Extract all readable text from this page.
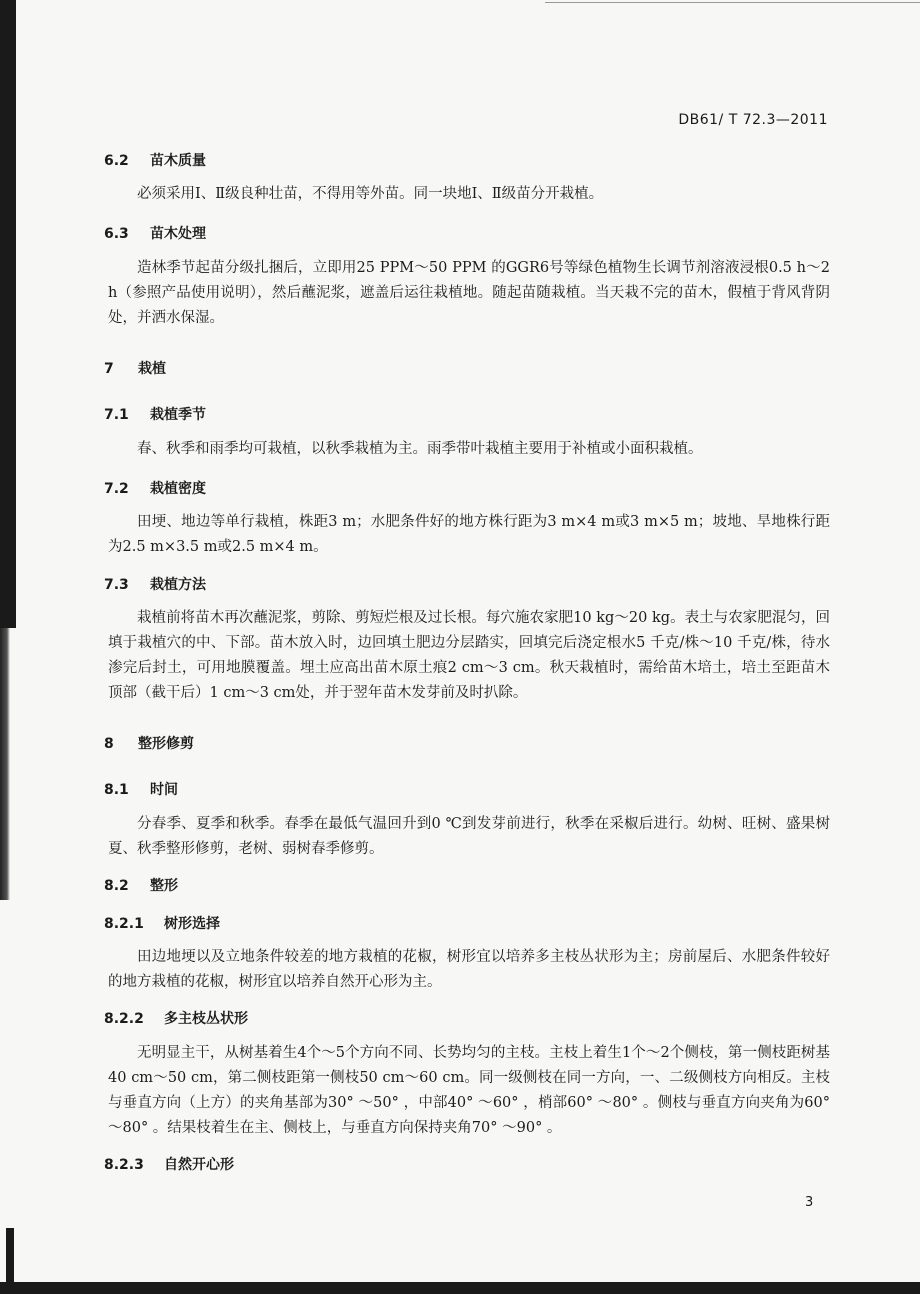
DB61/ T 72.3—2011
6.2 苗木质量
必须采用Ⅰ、Ⅱ级良种壮苗，不得用等外苗。同一块地Ⅰ、Ⅱ级苗分开栽植。
6.3 苗木处理
造林季节起苗分级扎捆后，立即用25 PPM～50 PPM 的GGR6号等绿色植物生长调节剂溶液浸根0.5 h～2 h（参照产品使用说明），然后蘸泥浆，遮盖后运往栽植地。随起苗随栽植。当天栽不完的苗木，假植于背风背阴处，并洒水保湿。
7 栽植
7.1 栽植季节
春、秋季和雨季均可栽植，以秋季栽植为主。雨季带叶栽植主要用于补植或小面积栽植。
7.2 栽植密度
田埂、地边等单行栽植，株距3 m；水肥条件好的地方株行距为3 m×4 m或3 m×5 m；坡地、旱地株行距为2.5 m×3.5 m或2.5 m×4 m。
7.3 栽植方法
栽植前将苗木再次蘸泥浆，剪除、剪短烂根及过长根。每穴施农家肥10 kg～20 kg。表土与农家肥混匀，回填于栽植穴的中、下部。苗木放入时，边回填土肥边分层踏实，回填完后浇定根水5 千克/株～10 千克/株，待水渗完后封土，可用地膜覆盖。埋土应高出苗木原土痕2 cm～3 cm。秋天栽植时，需给苗木培土，培土至距苗木顶部（截干后）1 cm～3 cm处，并于翌年苗木发芽前及时扒除。
8 整形修剪
8.1 时间
分春季、夏季和秋季。春季在最低气温回升到0 ℃到发芽前进行，秋季在采椒后进行。幼树、旺树、盛果树夏、秋季整形修剪，老树、弱树春季修剪。
8.2 整形
8.2.1 树形选择
田边地埂以及立地条件较差的地方栽植的花椒，树形宜以培养多主枝丛状形为主；房前屋后、水肥条件较好的地方栽植的花椒，树形宜以培养自然开心形为主。
8.2.2 多主枝丛状形
无明显主干，从树基着生4个～5个方向不同、长势均匀的主枝。主枝上着生1个～2个侧枝，第一侧枝距树基40 cm～50 cm，第二侧枝距第一侧枝50 cm～60 cm。同一级侧枝在同一方向，一、二级侧枝方向相反。主枝与垂直方向（上方）的夹角基部为30° ～50° ，中部40° ～60° ，梢部60° ～80° 。侧枝与垂直方向夹角为60° ～80° 。结果枝着生在主、侧枝上，与垂直方向保持夹角70° ～90° 。
8.2.3 自然开心形
3
